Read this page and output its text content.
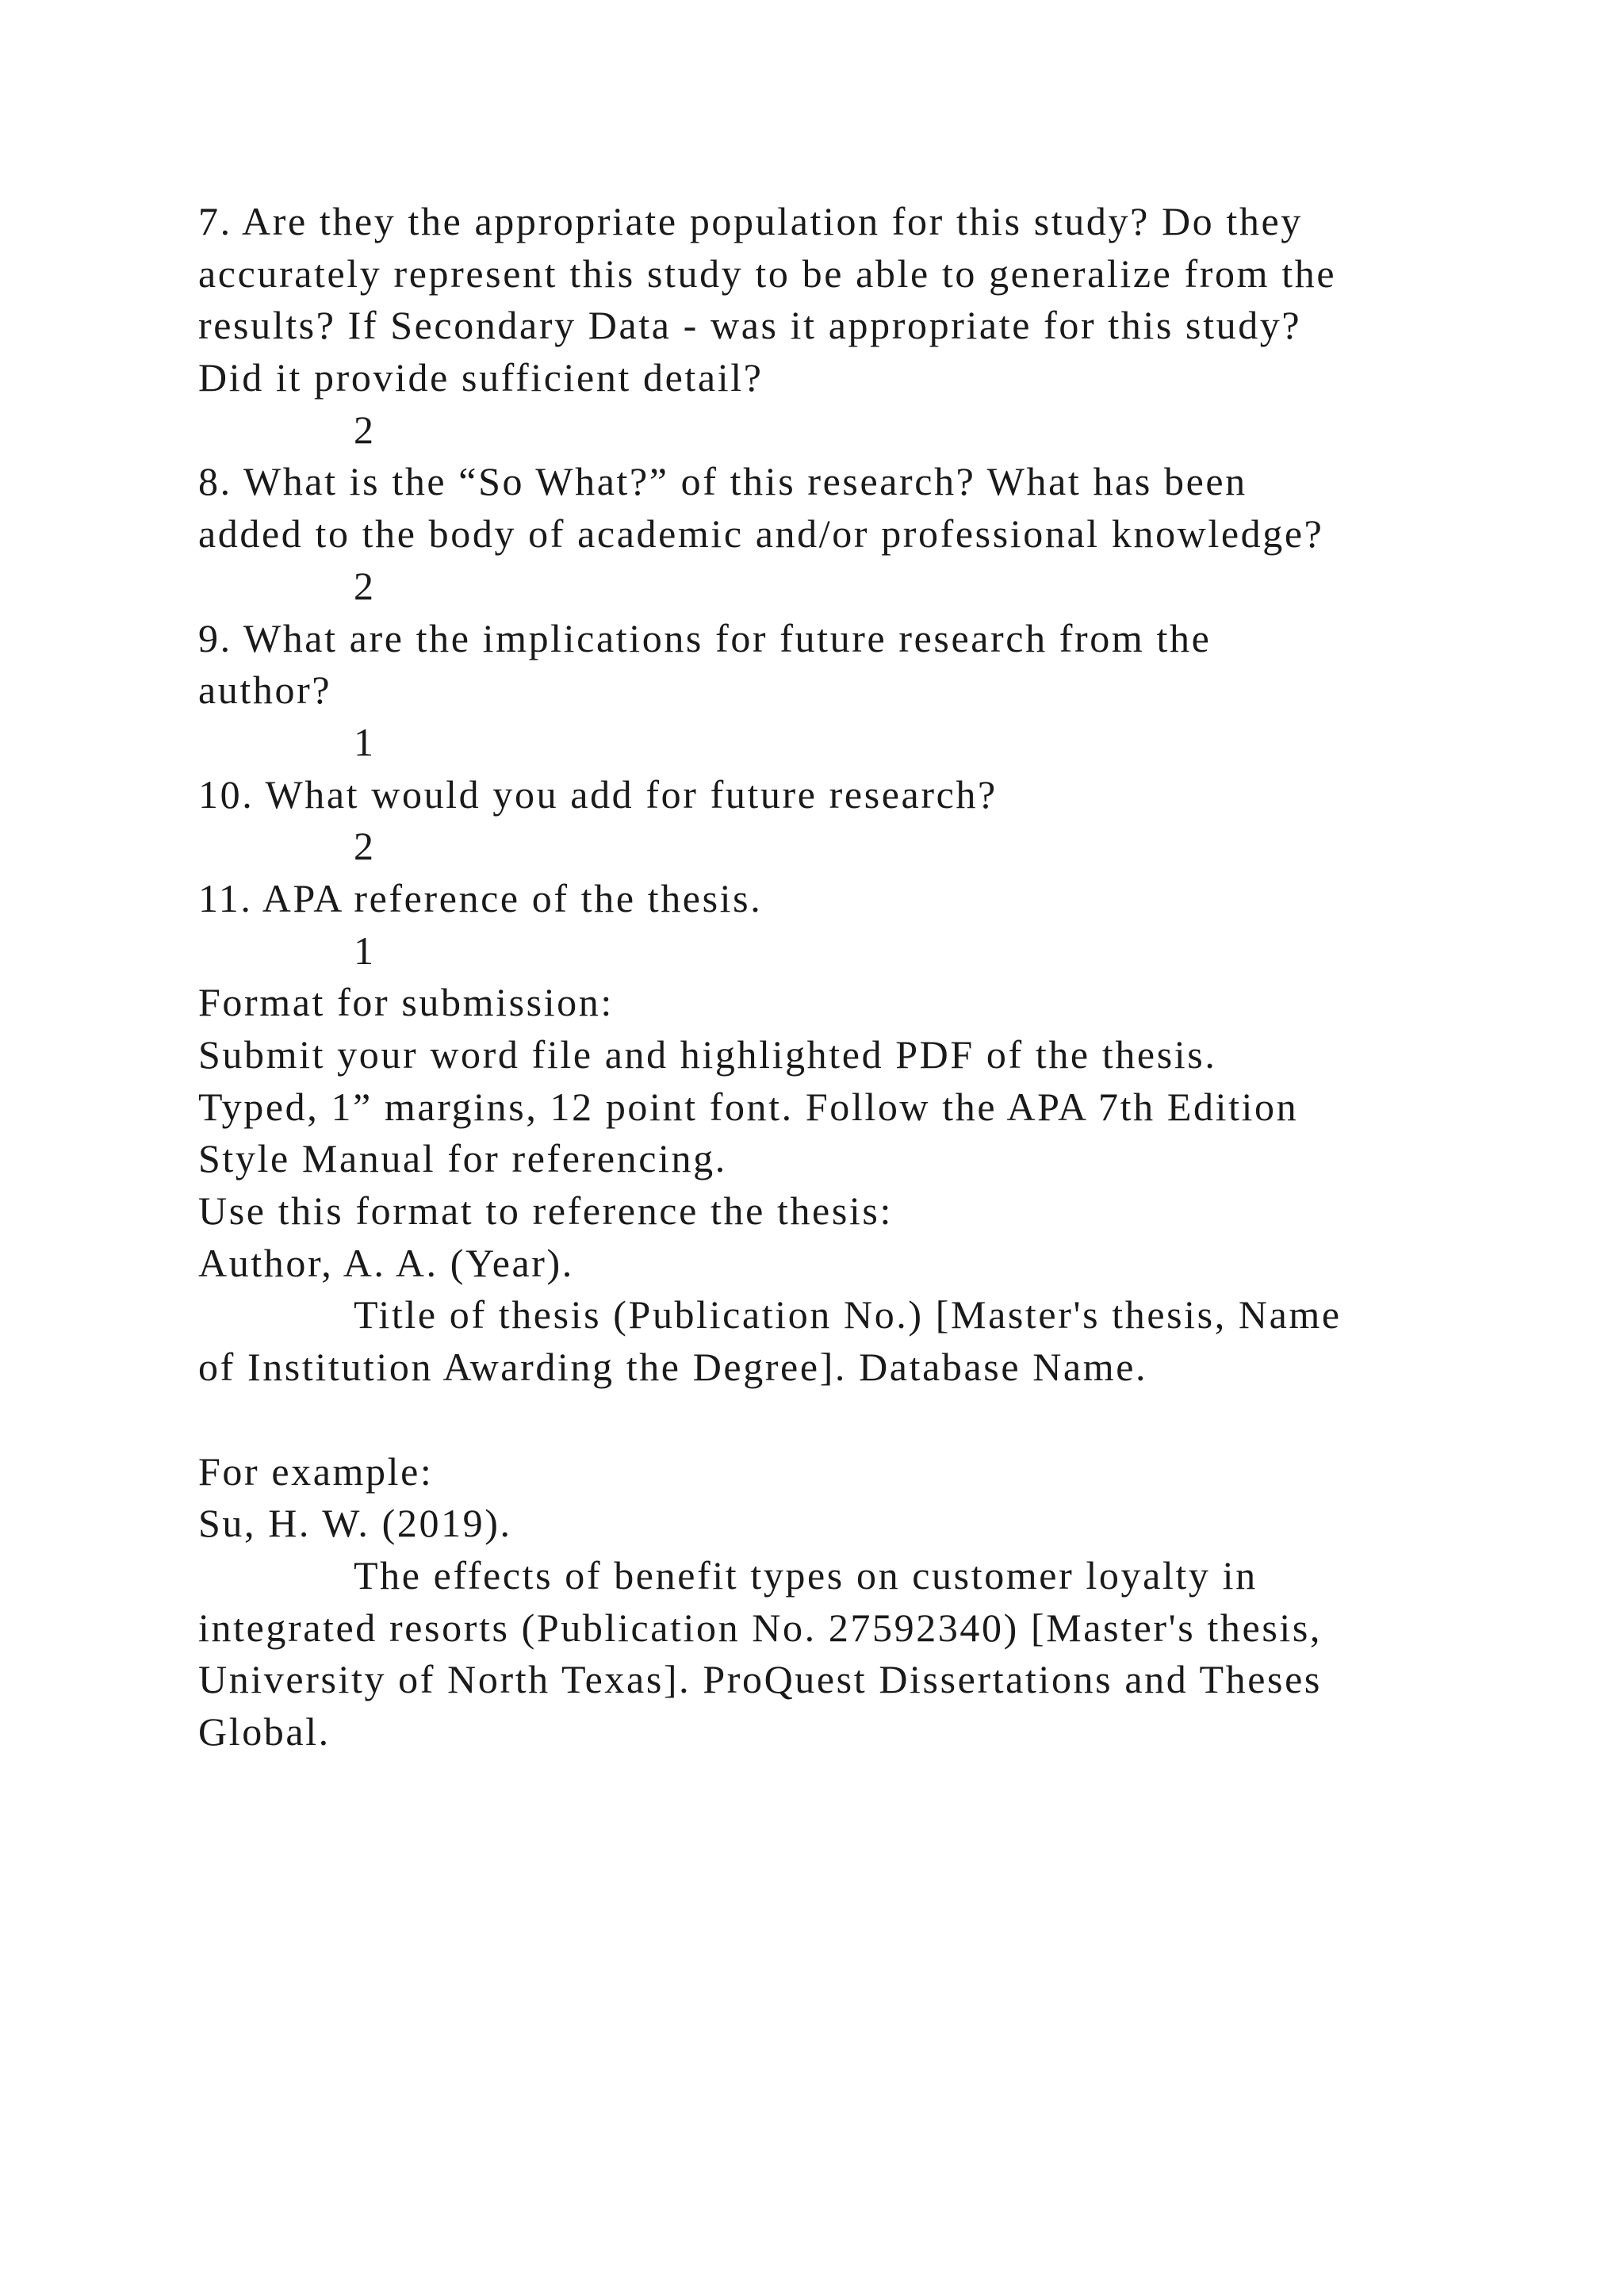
7. Are they the appropriate population for this study? Do they
accurately represent this study to be able to generalize from the
results? If Secondary Data - was it appropriate for this study?
Did it provide sufficient detail?
2
8. What is the “So What?” of this research? What has been
added to the body of academic and/or professional knowledge?
2
9. What are the implications for future research from the
author?
1
10. What would you add for future research?
2
11. APA reference of the thesis.
1
Format for submission:
Submit your word file and highlighted PDF of the thesis.
Typed, 1” margins, 12 point font. Follow the APA 7th Edition
Style Manual for referencing.
Use this format to reference the thesis:
Author, A. A. (Year).
Title of thesis (Publication No.) [Master's thesis, Name
of Institution Awarding the Degree]. Database Name.
For example:
Su, H. W. (2019).
The effects of benefit types on customer loyalty in
integrated resorts (Publication No. 27592340) [Master's thesis,
University of North Texas]. ProQuest Dissertations and Theses
Global.
